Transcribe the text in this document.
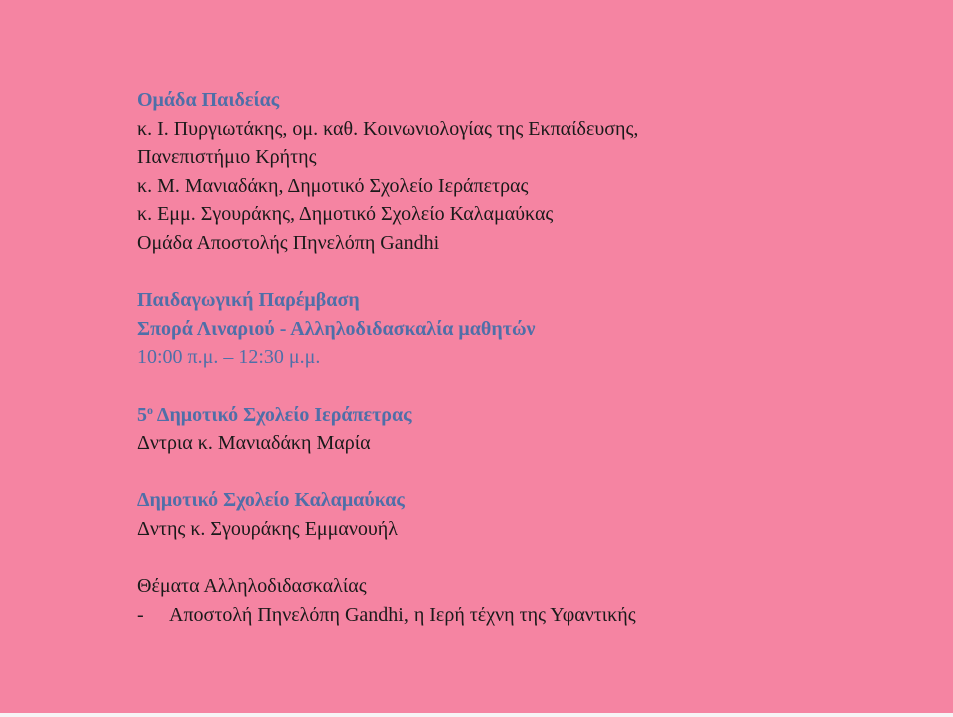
Ομάδα Παιδείας
κ. Ι. Πυργιωτάκης, ομ. καθ. Κοινωνιολογίας της Εκπαίδευσης,
Πανεπιστήμιο Κρήτης
κ. Μ. Μανιαδάκη, Δημοτικό Σχολείο Ιεράπετρας
κ. Εμμ. Σγουράκης, Δημοτικό Σχολείο Καλαμαύκας
Ομάδα Αποστολής Πηνελόπη Gandhi
Παιδαγωγική Παρέμβαση
Σπορά Λιναριού - Αλληλοδιδασκαλία μαθητών
10:00 π.μ. – 12:30 μ.μ.
$5^o$ Δημοτικό Σχολείο Ιεράπετρας
Δντρια κ. Μανιαδάκη Μαρία
Δημοτικό Σχολείο Καλαμαύκας
Δντης κ. Σγουράκης Εμμανουήλ
Θέματα Αλληλοδιδασκαλίας
- Αποστολή Πηνελόπη Gandhi, η Ιερή τέχνη της Υφαντικής
